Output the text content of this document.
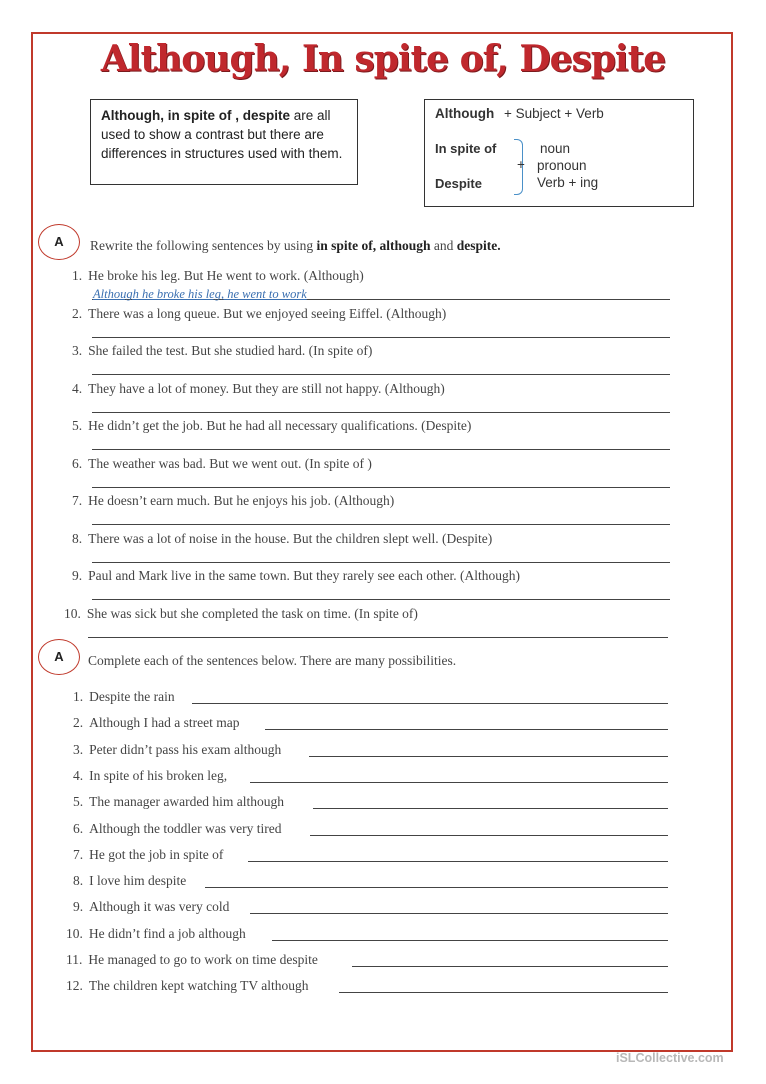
Although, In spite of, Despite
Although, in spite of , despite are all used to show a contrast but there are differences in structures used with them.
Although + Subject + Verb
In spite of
Despite
+
noun
pronoun
Verb + ing
A	Rewrite the following sentences by using in spite of, although and despite.
1. He broke his leg. But He went to work. (Although)
2. There was a long queue. But we enjoyed seeing Eiffel. (Although)
3. She failed the test. But she studied hard. (In spite of)
4. They have a lot of money. But they are still not happy. (Although)
5. He didn’t get the job. But he had all necessary qualifications. (Despite)
6. The weather was bad. But we went out. (In spite of )
7. He doesn’t earn much. But he enjoys his job. (Although)
8. There was a lot of noise in the house. But the children slept well. (Despite)
9. Paul and Mark live in the same town. But they rarely see each other. (Although)
10. She was sick but she completed the task on time. (In spite of)
Although he broke his leg, he went to work
A	Complete each of the sentences below. There are many possibilities.
1. Despite the rain
2. Although I had a street map
3. Peter didn’t pass his exam although
4. In spite of his broken leg,
5. The manager awarded him although
6. Although the toddler was very tired
7. He got the job in spite of
8. I love him despite
9. Although it was very cold
10. He didn’t find a job although
11. He managed to go to work on time despite
12. The children kept watching TV although
iSLCollective.com
